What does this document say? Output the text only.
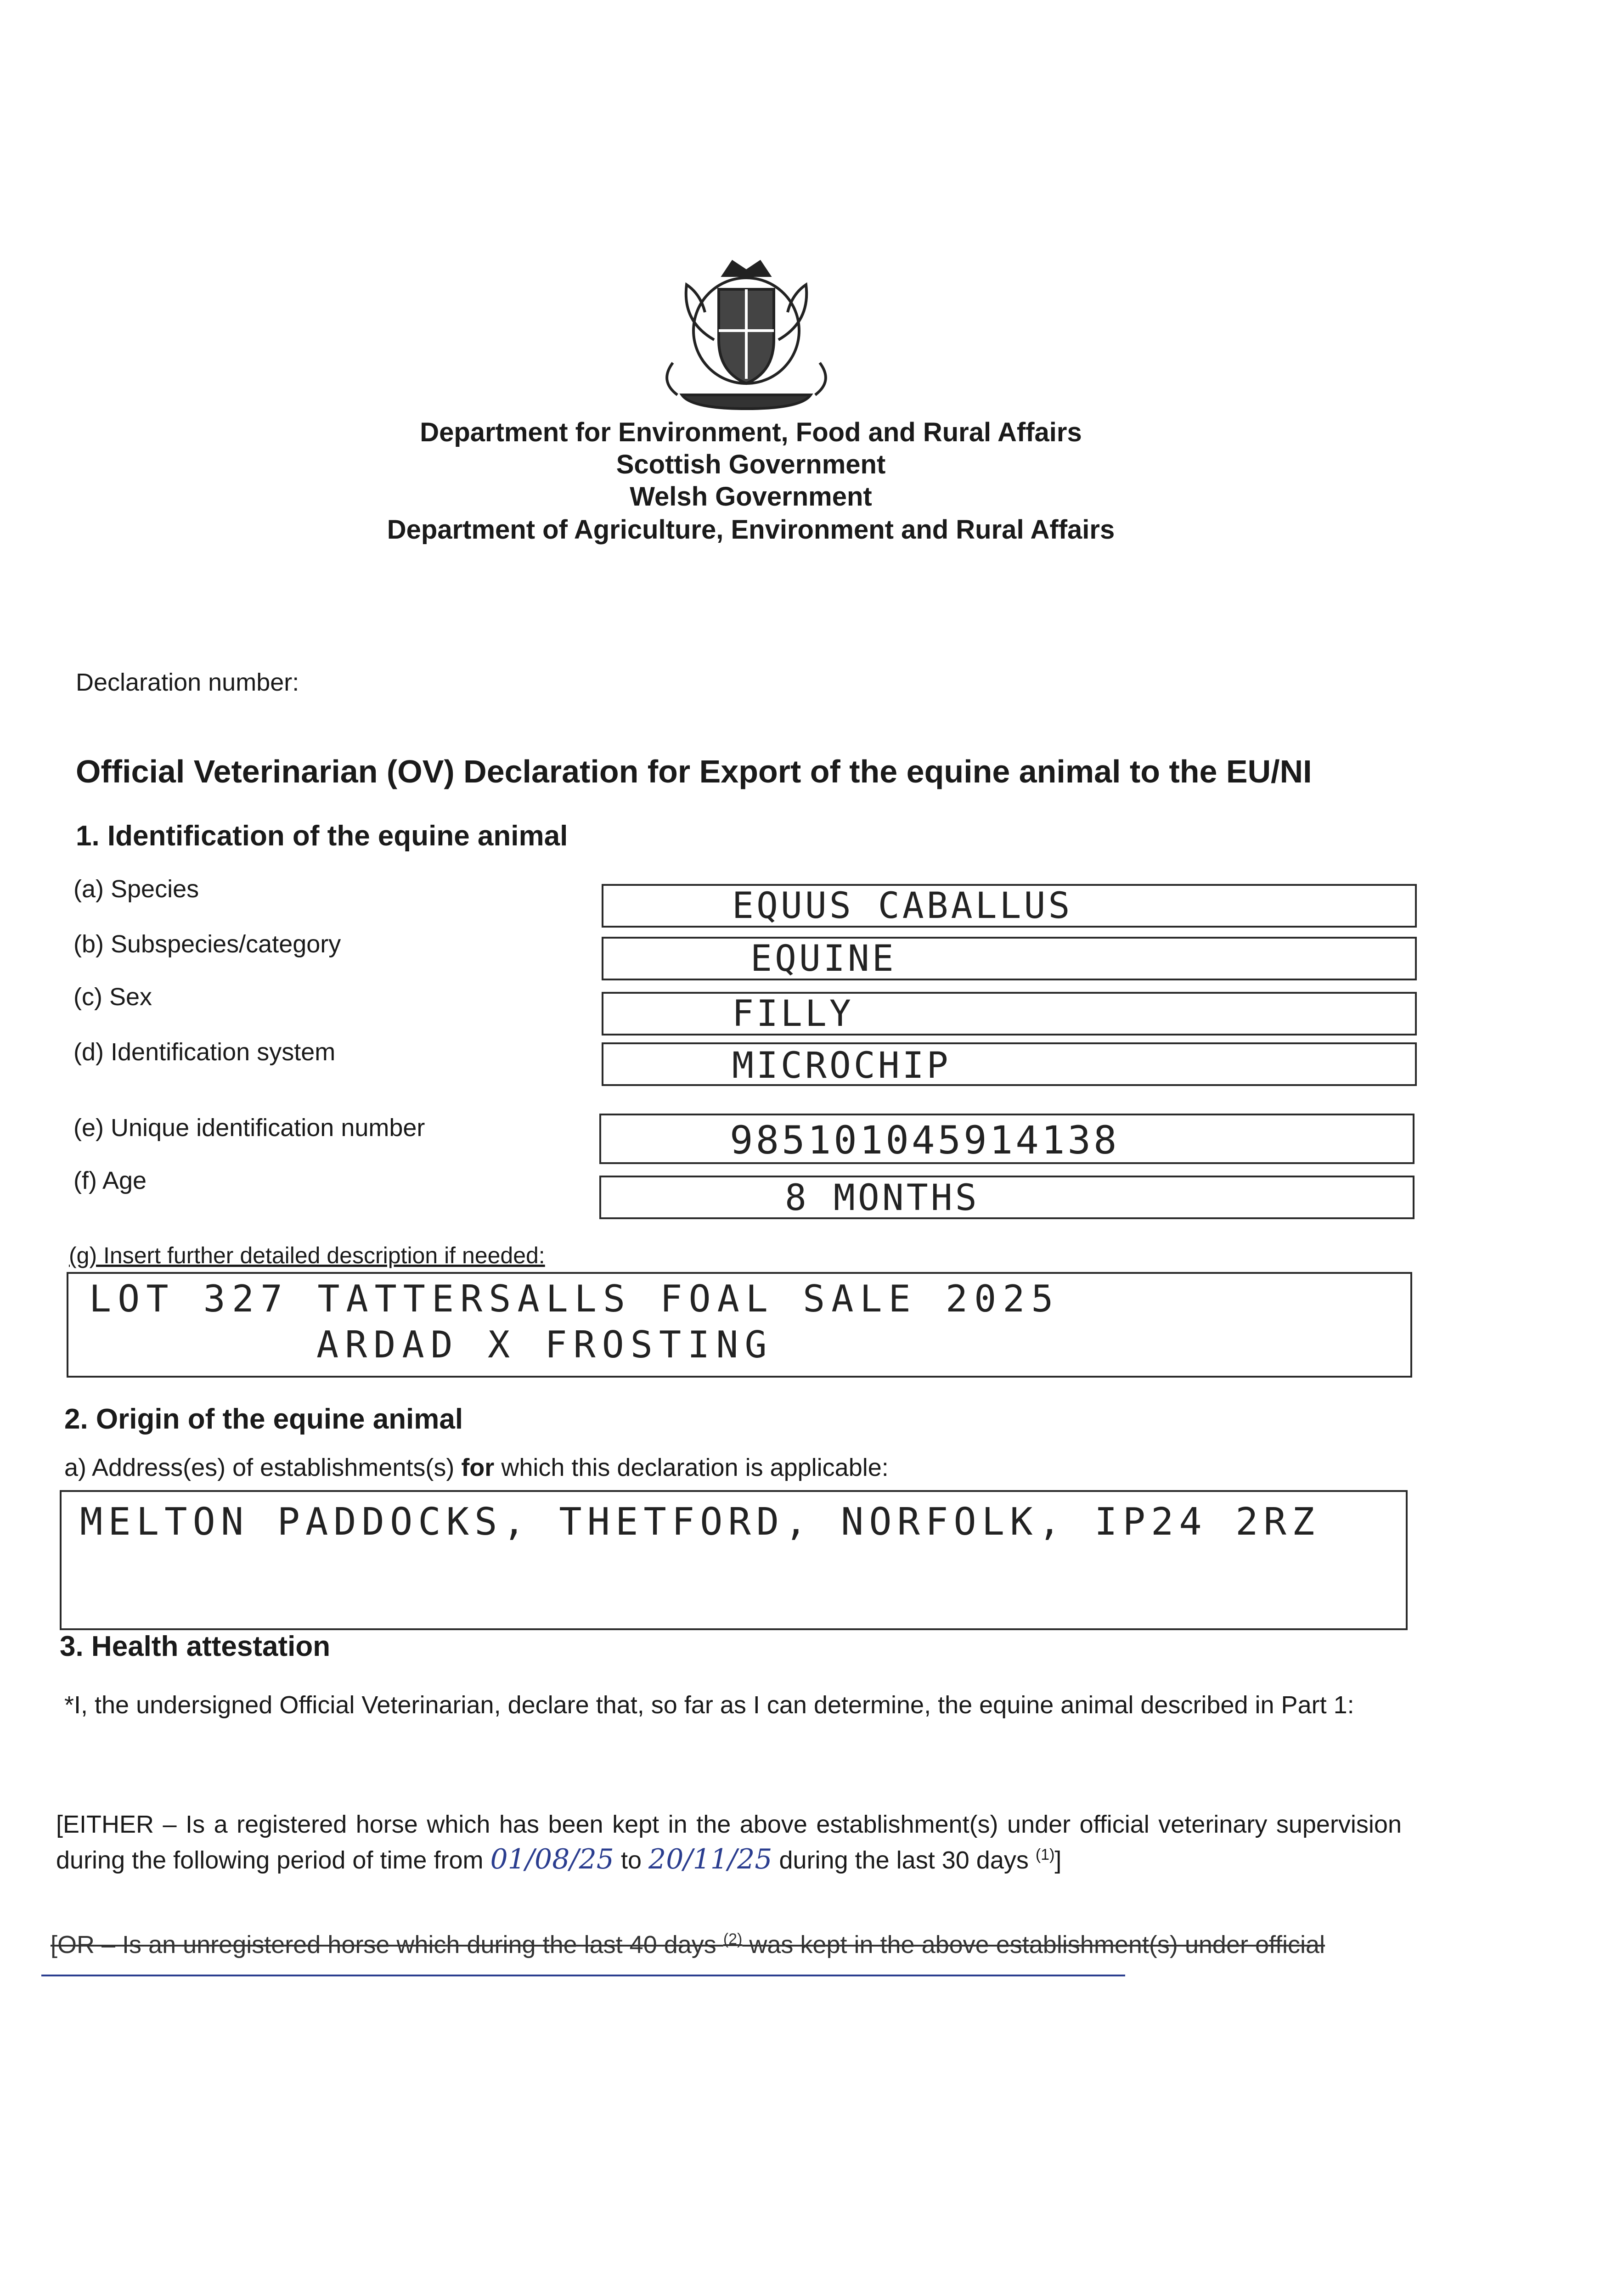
Department for Environment, Food and Rural Affairs
Scottish Government
Welsh Government
Department of Agriculture, Environment and Rural Affairs
Declaration number:
Official Veterinarian (OV) Declaration for Export of the equine animal to the EU/NI
1. Identification of the equine animal
(a) Species	EQUUS CABALLUS
(b) Subspecies/category	EQUINE
(c) Sex	FILLY
(d) Identification system	MICROCHIP
(e) Unique identification number	985101045914138
(f) Age	8 MONTHS
(g) Insert further detailed description if needed:
LOT 327 TATTERSALLS FOAL SALE 2025
ARDAD X FROSTING
2. Origin of the equine animal
a) Address(es) of establishments(s) for which this declaration is applicable:
MELTON PADDOCKS, THETFORD, NORFOLK, IP24 2RZ
3. Health attestation
*I, the undersigned Official Veterinarian, declare that, so far as I can determine, the equine animal described in Part 1:
[EITHER – Is a registered horse which has been kept in the above establishment(s) under official veterinary supervision during the following period of time from 01/08/25 to 20/11/25 during the last 30 days $^{(1)}$]
[OR – Is an unregistered horse which during the last 40 days $^{(2)}$ was kept in the above establishment(s) under official
